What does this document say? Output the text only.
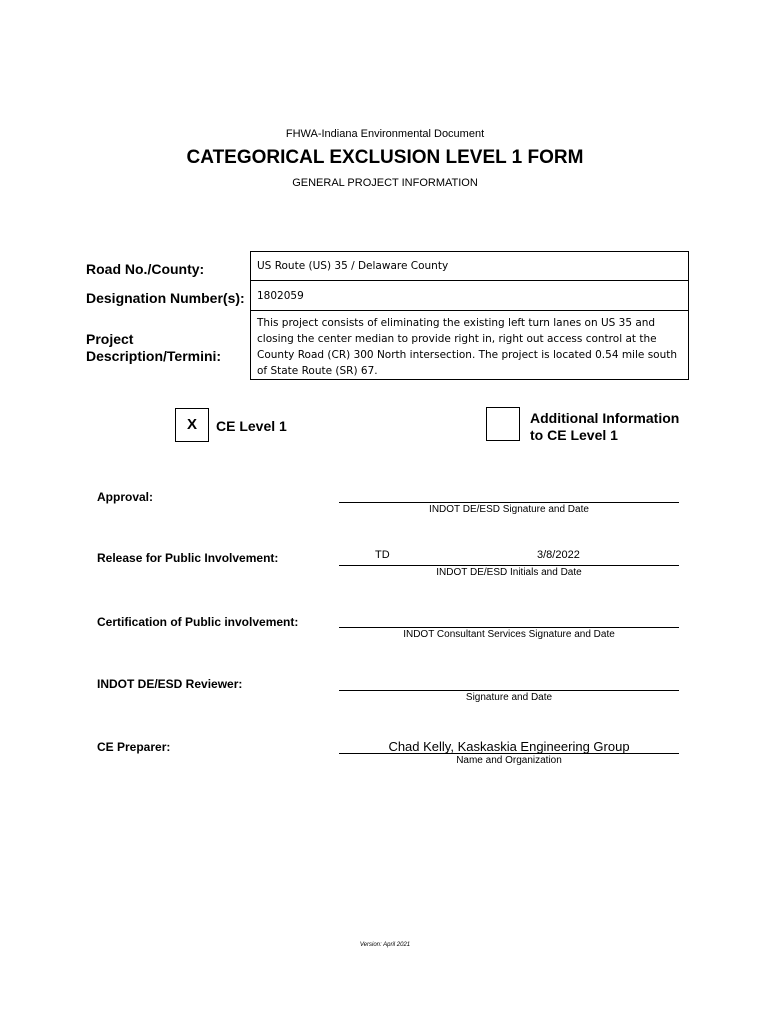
FHWA-Indiana Environmental Document
CATEGORICAL EXCLUSION LEVEL 1 FORM
GENERAL PROJECT INFORMATION
Road No./County:	US Route (US) 35 / Delaware County
Designation Number(s): 1802059
Project
Description/Termini:
This project consists of eliminating the existing left turn lanes on US 35 and closing the center median to provide right in, right out access control at the County Road (CR) 300 North intersection. The project is located 0.54 mile south of State Route (SR) 67.
X	CE Level 1	Additional Information
to CE Level 1
Approval:
INDOT DE/ESD Signature and Date
Release for Public Involvement:	TD	3/8/2022
INDOT DE/ESD Initials and Date
Certification of Public involvement:
INDOT Consultant Services Signature and Date
INDOT DE/ESD Reviewer:
Signature and Date
CE Preparer:	Chad Kelly, Kaskaskia Engineering Group
Name and Organization
Version: April 2021
